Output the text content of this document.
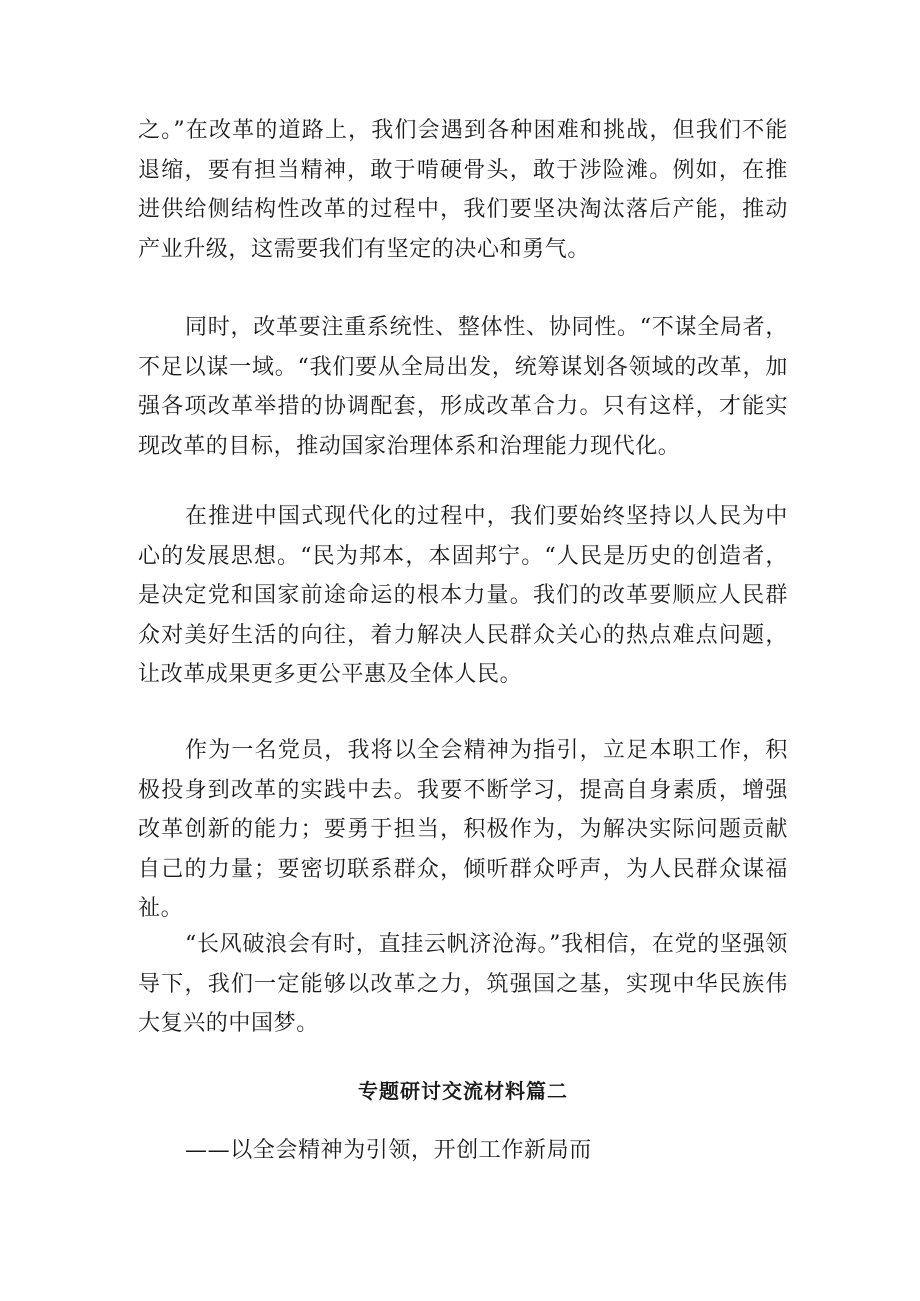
之。”在改革的道路上，我们会遇到各种困难和挑战，但我们不能退缩，要有担当精神，敢于啃硬骨头，敢于涉险滩。例如，在推进供给侧结构性改革的过程中，我们要坚决淘汰落后产能，推动产业升级，这需要我们有坚定的决心和勇气。

同时，改革要注重系统性、整体性、协同性。“不谋全局者，不足以谋一域。“我们要从全局出发，统筹谋划各领域的改革，加强各项改革举措的协调配套，形成改革合力。只有这样，才能实现改革的目标，推动国家治理体系和治理能力现代化。

在推进中国式现代化的过程中，我们要始终坚持以人民为中心的发展思想。“民为邦本，本固邦宁。“人民是历史的创造者，是决定党和国家前途命运的根本力量。我们的改革要顺应人民群众对美好生活的向往，着力解决人民群众关心的热点难点问题，让改革成果更多更公平惠及全体人民。

作为一名党员，我将以全会精神为指引，立足本职工作，积极投身到改革的实践中去。我要不断学习，提高自身素质，增强改革创新的能力；要勇于担当，积极作为，为解决实际问题贡献自己的力量；要密切联系群众，倾听群众呼声，为人民群众谋福祉。

“长风破浪会有时，直挂云帆济沧海。”我相信，在党的坚强领导下，我们一定能够以改革之力，筑强国之基，实现中华民族伟大复兴的中国梦。

专题研讨交流材料篇二

——以全会精神为引领，开创工作新局而
